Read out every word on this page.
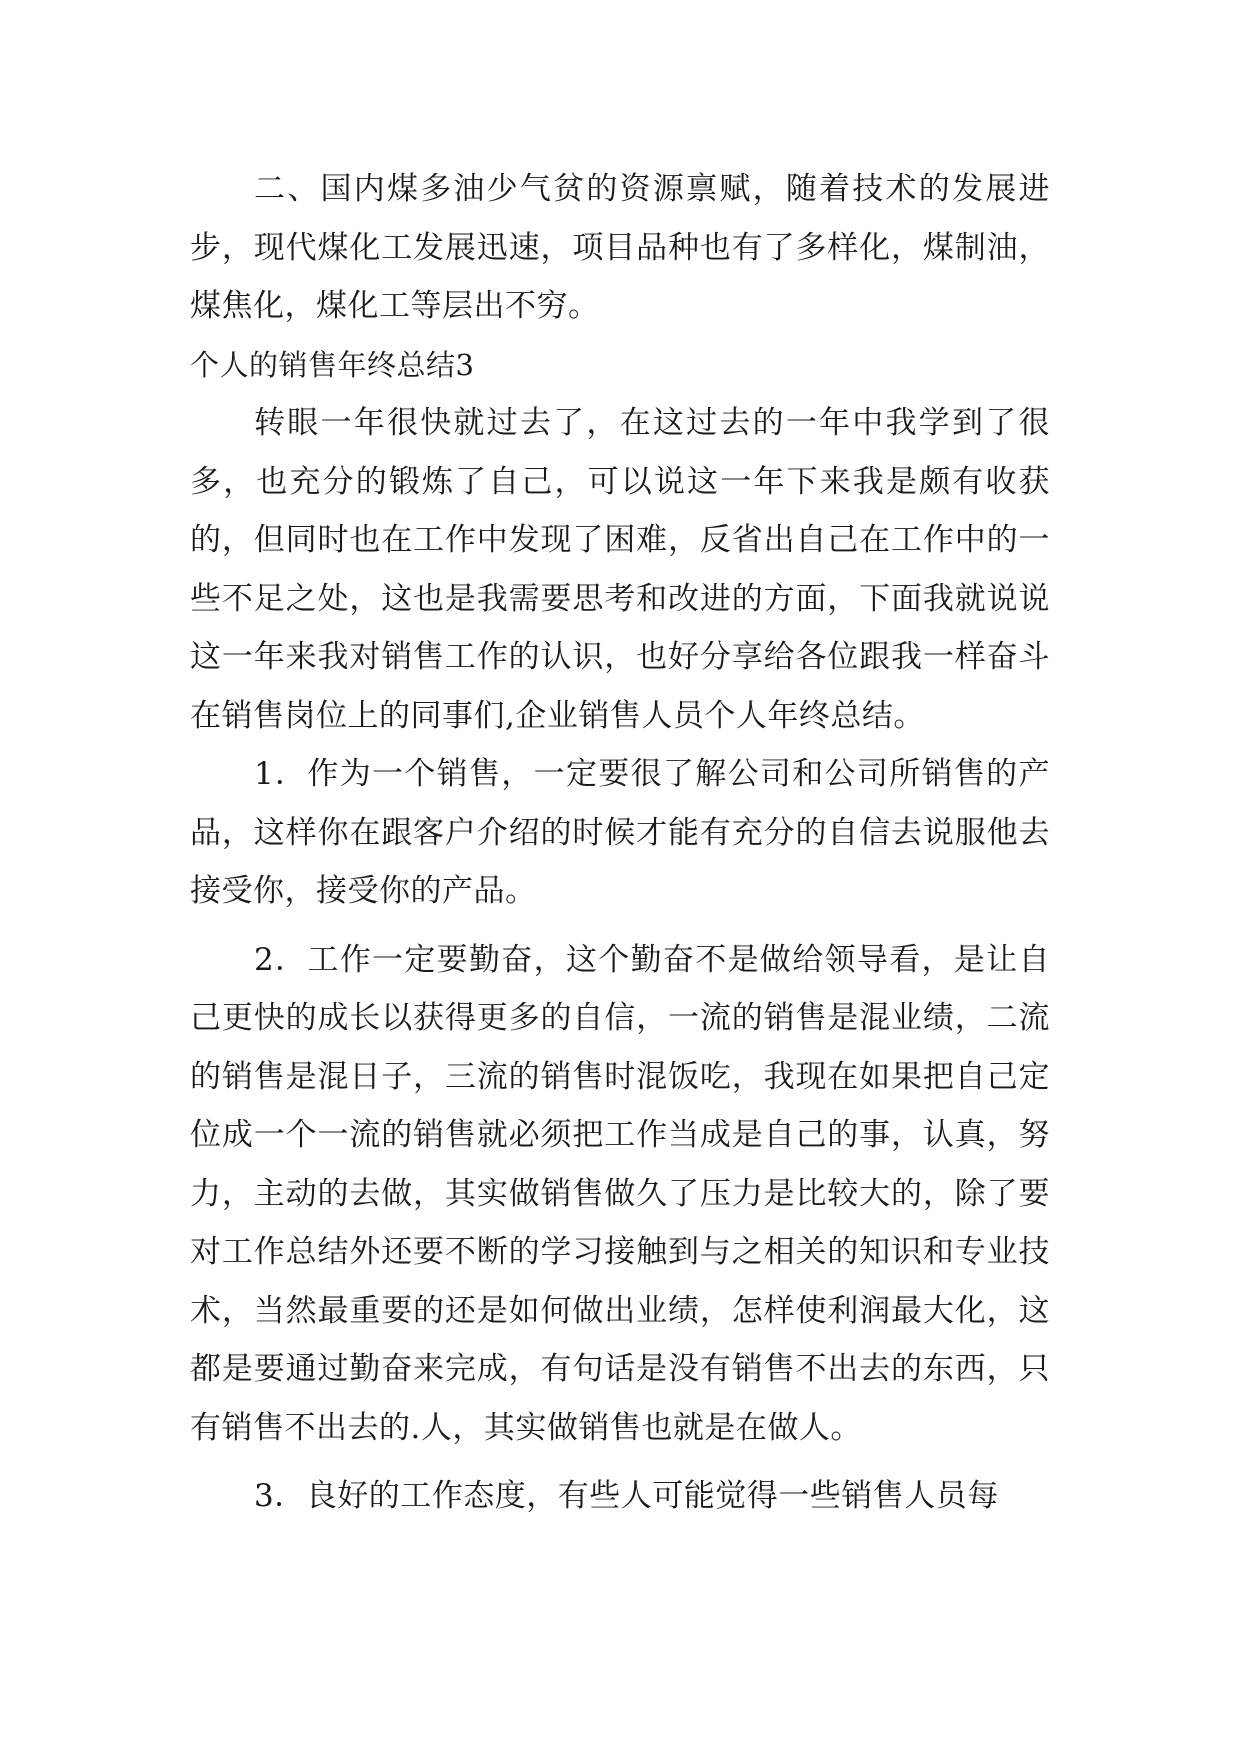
二、国内煤多油少气贫的资源禀赋，随着技术的发展进步，现代煤化工发展迅速，项目品种也有了多样化，煤制油，煤焦化，煤化工等层出不穷。

个人的销售年终总结3

转眼一年很快就过去了，在这过去的一年中我学到了很多，也充分的锻炼了自己，可以说这一年下来我是颇有收获的，但同时也在工作中发现了困难，反省出自己在工作中的一些不足之处，这也是我需要思考和改进的方面，下面我就说说这一年来我对销售工作的认识，也好分享给各位跟我一样奋斗在销售岗位上的同事们,企业销售人员个人年终总结。

1．作为一个销售，一定要很了解公司和公司所销售的产品，这样你在跟客户介绍的时候才能有充分的自信去说服他去接受你，接受你的产品。

2．工作一定要勤奋，这个勤奋不是做给领导看，是让自己更快的成长以获得更多的自信，一流的销售是混业绩，二流的销售是混日子，三流的销售时混饭吃，我现在如果把自己定位成一个一流的销售就必须把工作当成是自己的事，认真，努力，主动的去做，其实做销售做久了压力是比较大的，除了要对工作总结外还要不断的学习接触到与之相关的知识和专业技术，当然最重要的还是如何做出业绩，怎样使利润最大化，这都是要通过勤奋来完成，有句话是没有销售不出去的东西，只有销售不出去的.人，其实做销售也就是在做人。

3．良好的工作态度，有些人可能觉得一些销售人员每
